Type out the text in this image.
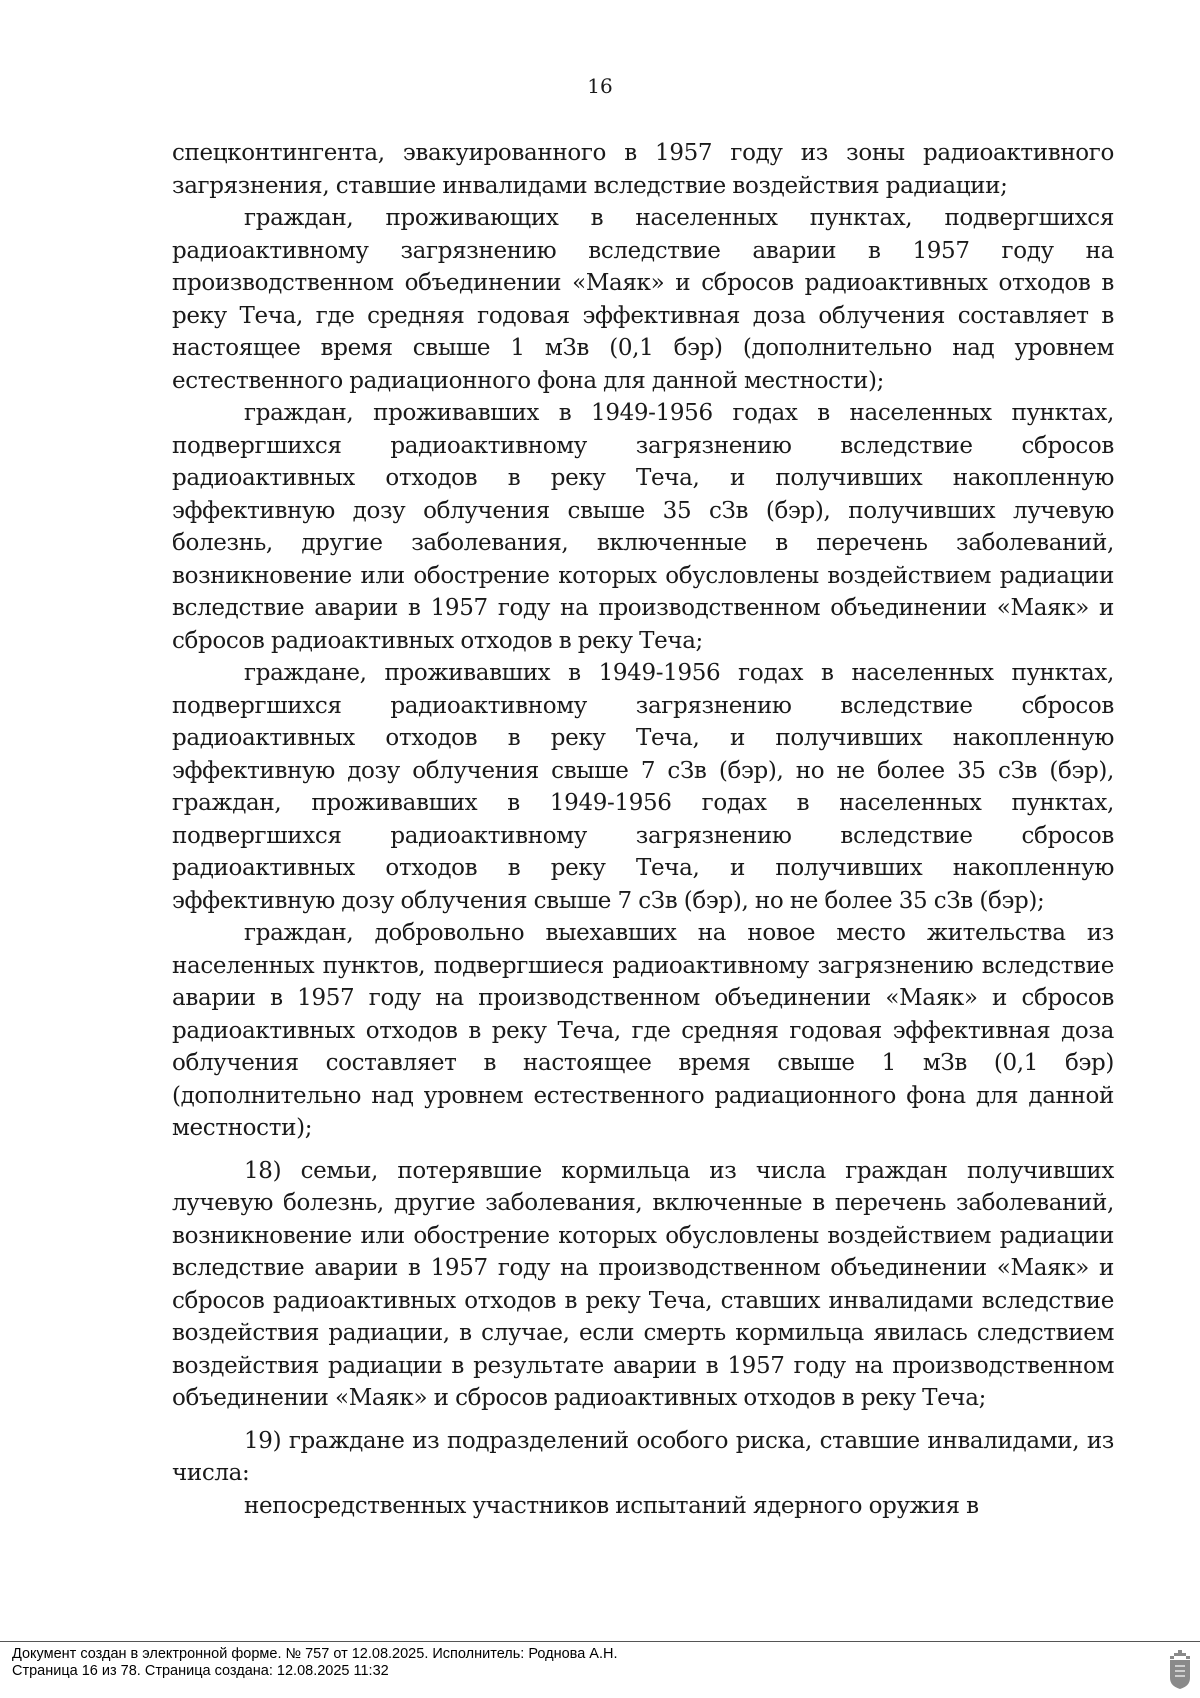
16

спецконтингента, эвакуированного в 1957 году из зоны радиоактивного загрязнения, ставшие инвалидами вследствие воздействия радиации;

граждан, проживающих в населенных пунктах, подвергшихся радиоактивному загрязнению вследствие аварии в 1957 году на производственном объединении «Маяк» и сбросов радиоактивных отходов в реку Теча, где средняя годовая эффективная доза облучения составляет в настоящее время свыше 1 мЗв (0,1 бэр) (дополнительно над уровнем естественного радиационного фона для данной местности);

граждан, проживавших в 1949-1956 годах в населенных пунктах, подвергшихся радиоактивному загрязнению вследствие сбросов радиоактивных отходов в реку Теча, и получивших накопленную эффективную дозу облучения свыше 35 сЗв (бэр), получивших лучевую болезнь, другие заболевания, включенные в перечень заболеваний, возникновение или обострение которых обусловлены воздействием радиации вследствие аварии в 1957 году на производственном объединении «Маяк» и сбросов радиоактивных отходов в реку Теча;

граждане, проживавших в 1949-1956 годах в населенных пунктах, подвергшихся радиоактивному загрязнению вследствие сбросов радиоактивных отходов в реку Теча, и получивших накопленную эффективную дозу облучения свыше 7 сЗв (бэр), но не более 35 сЗв (бэр), граждан, проживавших в 1949-1956 годах в населенных пунктах, подвергшихся радиоактивному загрязнению вследствие сбросов радиоактивных отходов в реку Теча, и получивших накопленную эффективную дозу облучения свыше 7 сЗв (бэр), но не более 35 сЗв (бэр);

граждан, добровольно выехавших на новое место жительства из населенных пунктов, подвергшиеся радиоактивному загрязнению вследствие аварии в 1957 году на производственном объединении «Маяк» и сбросов радиоактивных отходов в реку Теча, где средняя годовая эффективная доза облучения составляет в настоящее время свыше 1 мЗв (0,1 бэр) (дополнительно над уровнем естественного радиационного фона для данной местности);

18) семьи, потерявшие кормильца из числа граждан получивших лучевую болезнь, другие заболевания, включенные в перечень заболеваний, возникновение или обострение которых обусловлены воздействием радиации вследствие аварии в 1957 году на производственном объединении «Маяк» и сбросов радиоактивных отходов в реку Теча, ставших инвалидами вследствие воздействия радиации, в случае, если смерть кормильца явилась следствием воздействия радиации в результате аварии в 1957 году на производственном объединении «Маяк» и сбросов радиоактивных отходов в реку Теча;

19) граждане из подразделений особого риска, ставшие инвалидами, из числа:

непосредственных участников испытаний ядерного оружия в

Документ создан в электронной форме. № 757 от 12.08.2025. Исполнитель: Роднова А.Н.
Страница 16 из 78. Страница создана: 12.08.2025 11:32
